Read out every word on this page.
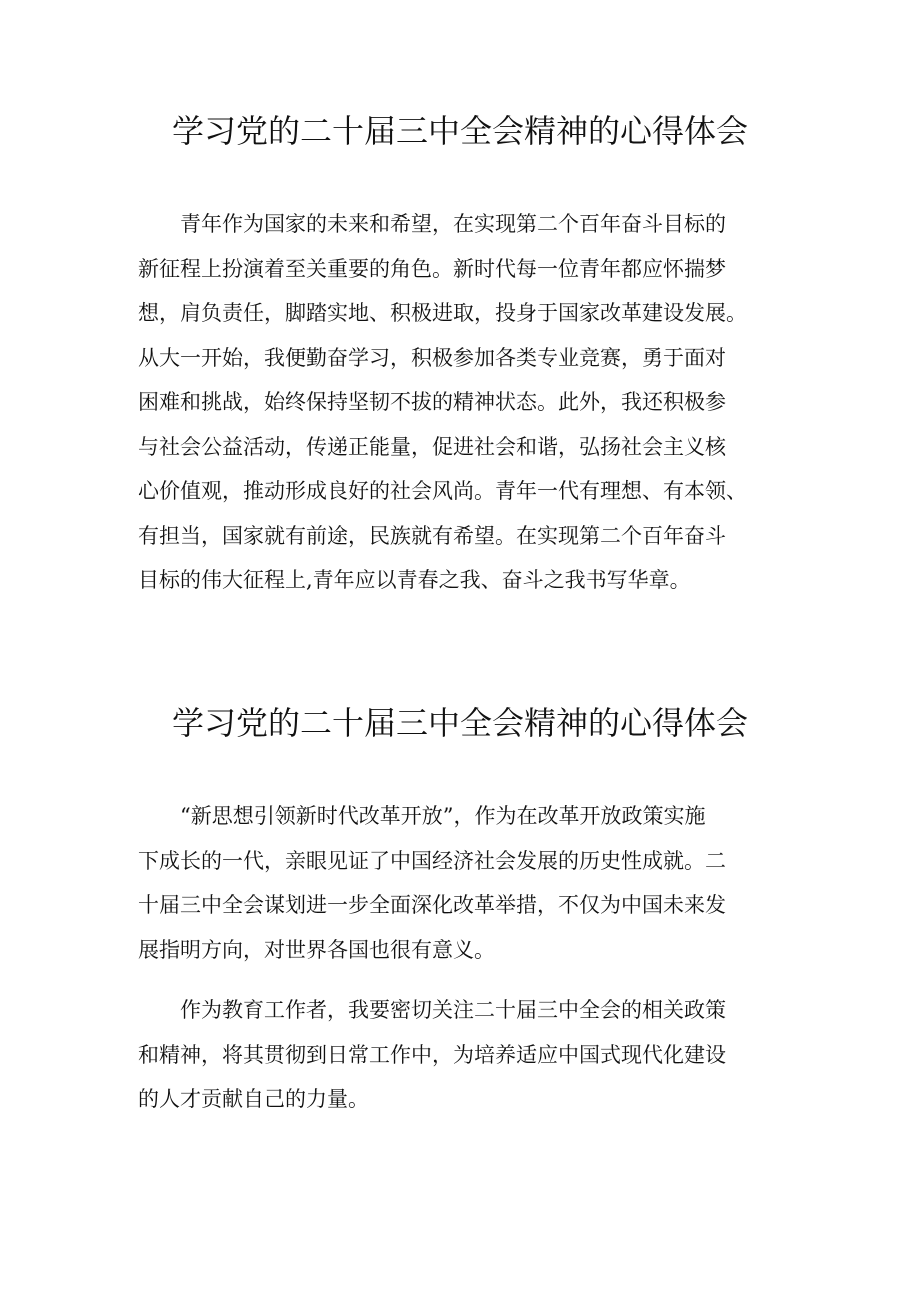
学习党的二十届三中全会精神的心得体会
　　青年作为国家的未来和希望，在实现第二个百年奋斗目标的
新征程上扮演着至关重要的角色。新时代每一位青年都应怀揣梦
想，肩负责任，脚踏实地、积极进取，投身于国家改革建设发展。
从大一开始，我便勤奋学习，积极参加各类专业竞赛，勇于面对
困难和挑战，始终保持坚韧不拔的精神状态。此外，我还积极参
与社会公益活动，传递正能量，促进社会和谐，弘扬社会主义核
心价值观，推动形成良好的社会风尚。青年一代有理想、有本领、
有担当，国家就有前途，民族就有希望。在实现第二个百年奋斗
目标的伟大征程上,青年应以青春之我、奋斗之我书写华章。
学习党的二十届三中全会精神的心得体会
　　“新思想引领新时代改革开放”，作为在改革开放政策实施
下成长的一代，亲眼见证了中国经济社会发展的历史性成就。二
十届三中全会谋划进一步全面深化改革举措，不仅为中国未来发
展指明方向，对世界各国也很有意义。
　　作为教育工作者，我要密切关注二十届三中全会的相关政策
和精神，将其贯彻到日常工作中，为培养适应中国式现代化建设
的人才贡献自己的力量。
